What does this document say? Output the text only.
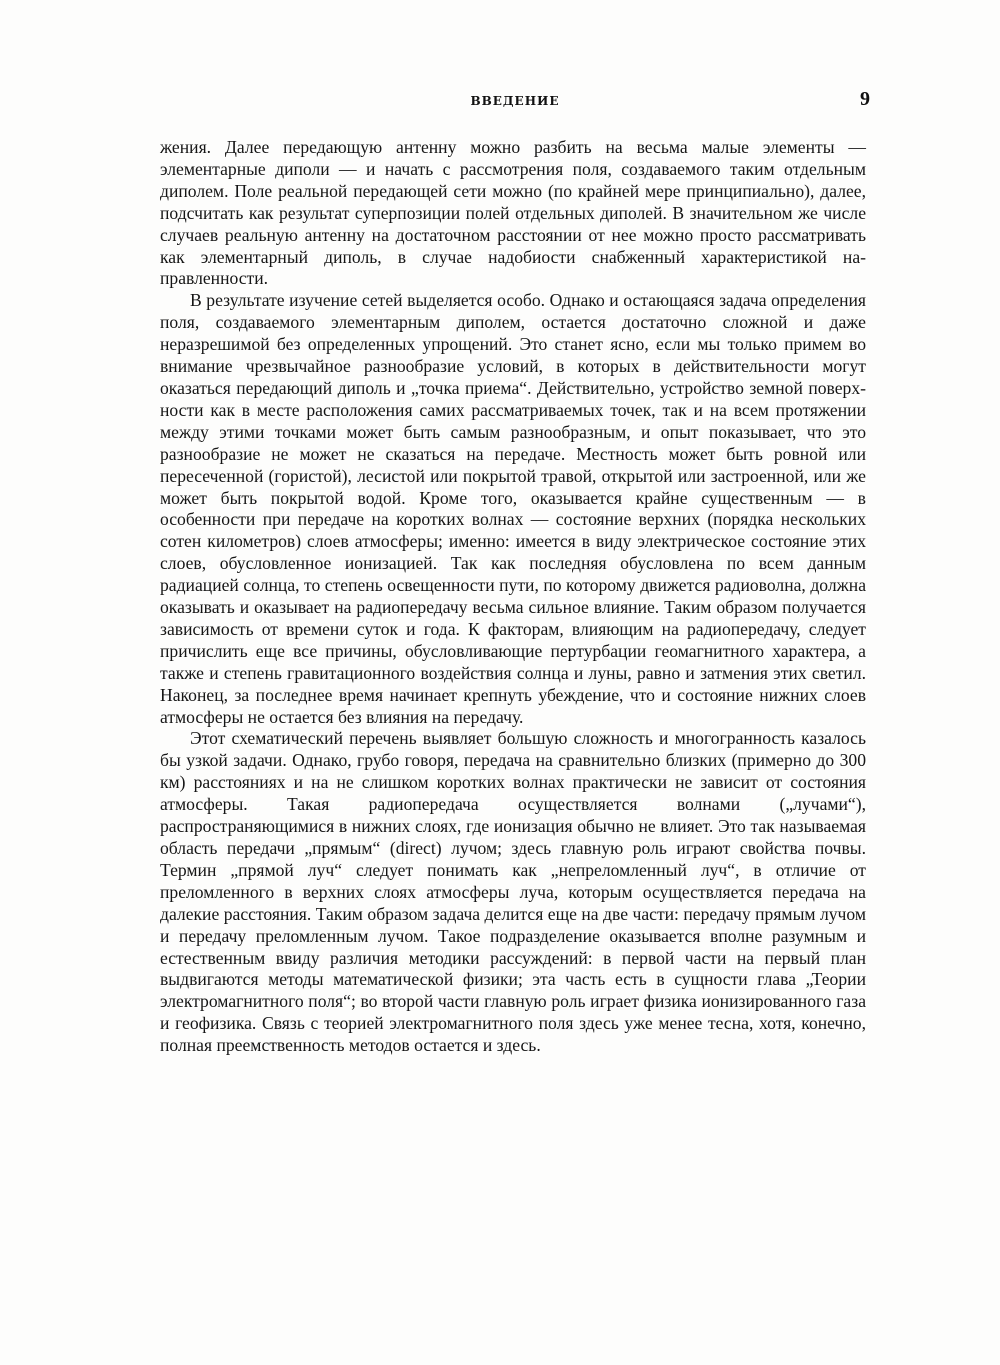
ВВЕДЕНИЕ	9

жения. Далее передающую антенну можно разбить на весьма малые элементы — элементарные диполи — и начать с рассмотрения поля, создаваемого таким отдельным диполем. Поле реальной передающей сети можно (по крайней мере принципиально), далее, подсчитать как результат суперпозиции полей отдельных диполей. В значительном же числе случаев реальную антенну на достаточном расстоянии от нее можно просто рассматривать как элементарный диполь, в случае надобиости снабженный характеристикой направленности.

В результате изучение сетей выделяется особо. Однако и остающаяся задача определения поля, создаваемого элементарным диполем, остается достаточно сложной и даже неразрешимой без определенных упрощений. Это станет ясно, если мы только примем во внимание чрезвычайное разнообразие условий, в которых в действительности могут оказаться передающий диполь и „точка приема“. Действительно, устройство земной поверхности как в месте расположения самих рассматриваемых точек, так и на всем протяжении между этими точками может быть самым разнообразным, и опыт показывает, что это разнообразие не может не сказаться на передаче. Местность может быть ровной или пересеченной (гористой), лесистой или покрытой травой, открытой или застроенной, или же может быть покрытой водой. Кроме того, оказывается крайне существенным — в особенности при передаче на коротких волнах — состояние верхних (порядка нескольких сотен километров) слоев атмосферы; именно: имеется в виду электрическое состояние этих слоев, обусловленное ионизацией. Так как последняя обусловлена по всем данным радиацией солнца, то степень освещенности пути, по которому движется радиоволна, должна оказывать и оказывает на радиопередачу весьма сильное влияние. Таким образом получается зависимость от времени суток и года. К факторам, влияющим на радиопередачу, следует причислить еще все причины, обусловливающие пертурбации геомагнитного характера, а также и степень гравитационного воздействия солнца и луны, равно и затмения этих светил. Наконец, за последнее время начинает крепнуть убеждение, что и состояние нижних слоев атмосферы не остается без влияния на передачу.

Этот схематический перечень выявляет большую сложность и многогранность казалось бы узкой задачи. Однако, грубо говоря, передача на сравнительно близких (примерно до 300 км) расстояниях и на не слишком коротких волнах практически не зависит от состояния атмосферы. Такая радиопередача осуществляется волнами („лучами“), распространяющимися в нижних слоях, где ионизация обычно не влияет. Это так называемая область передачи „прямым“ (direct) лучом; здесь главную роль играют свойства почвы. Термин „прямой луч“ следует понимать как „непреломленный луч“, в отличие от преломленного в верхних слоях атмосферы луча, которым осуществляется передача на далекие расстояния. Таким образом задача делится еще на две части: передачу прямым лучом и передачу преломленным лучом. Такое подразделение оказывается вполне разумным и естественным ввиду различия методики рассуждений: в первой части на первый план выдвигаются методы математической физики; эта часть есть в сущности глава „Теории электромагнитного поля“; во второй части главную роль играет физика ионизированного газа и геофизика. Связь с теорией электромагнитного поля здесь уже менее тесна, хотя, конечно, полная преемственность методов остается и здесь.
